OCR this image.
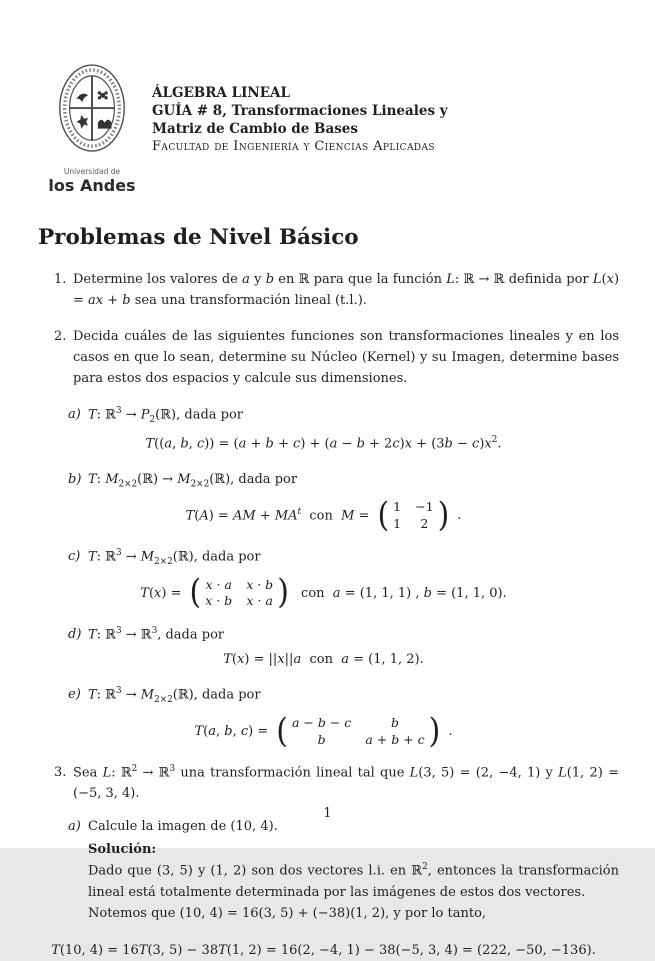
Universidad de
los Andes
ÁLGEBRA LINEAL
GUÍA # 8, Transformaciones Lineales y
Matriz de Cambio de Bases
Facultad de Ingeniería y Ciencias Aplicadas
Problemas de Nivel Básico
1. Determine los valores de a y b en ℝ para que la función L: ℝ → ℝ definida por L(x) = ax + b sea una transformación lineal (t.l.).
2. Decida cuáles de las siguientes funciones son transformaciones lineales y en los casos en que lo sean, determine su Núcleo (Kernel) y su Imagen, determine bases para estos dos espacios y calcule sus dimensiones.
a) T: ℝ$^3$ → $P_2(ℝ)$, dada por
T((a, b, $c)) = (a + b + c) + (a - b + 2c)x + (3b - c)x^2$.
b) T: $M_{2\times 2}(ℝ)$ → $M_{2\times 2}(ℝ)$, dada por
T(A) = AM + $MA^t$  con  M = ( 1 −1
1	2 ) .
c) T: ℝ$^3$ → $M_{2\times 2}(ℝ)$, dada por
T(x) = ( x · a x · b
x · b x · a ) con  a = (1, 1, 1) , b = (1, 1, 0).
d) T: ℝ$^3$ → ℝ$^3$, dada por
T(x) = ||x||a  con  a = (1, 1, 2).
e) T: ℝ$^3$ → $M_{2\times 2}(ℝ)$, dada por
T(a, b, c) = ( a − b − c	b
b	a + b + c ) .
3. Sea L: ℝ$^2$ → ℝ$^3$ una transformación lineal tal que L(3, 5) = (2, −4, 1) y L(1, 2) = (−5, 3, 4).
a) Calcule la imagen de (10, 4).
Solución:
Dado que (3, 5) y (1, 2) son dos vectores l.i. en ℝ$^2$, entonces la transformación lineal está totalmente determinada por las imágenes de estos dos vectores.
Notemos que (10, 4) = 16(3, 5) + (−38)(1, 2), y por lo tanto,
T(10, 4) = 16T(3, 5) − 38T(1, 2) = 16(2, −4, 1) − 38(−5, 3, 4) = (222, −50, −136).
1
